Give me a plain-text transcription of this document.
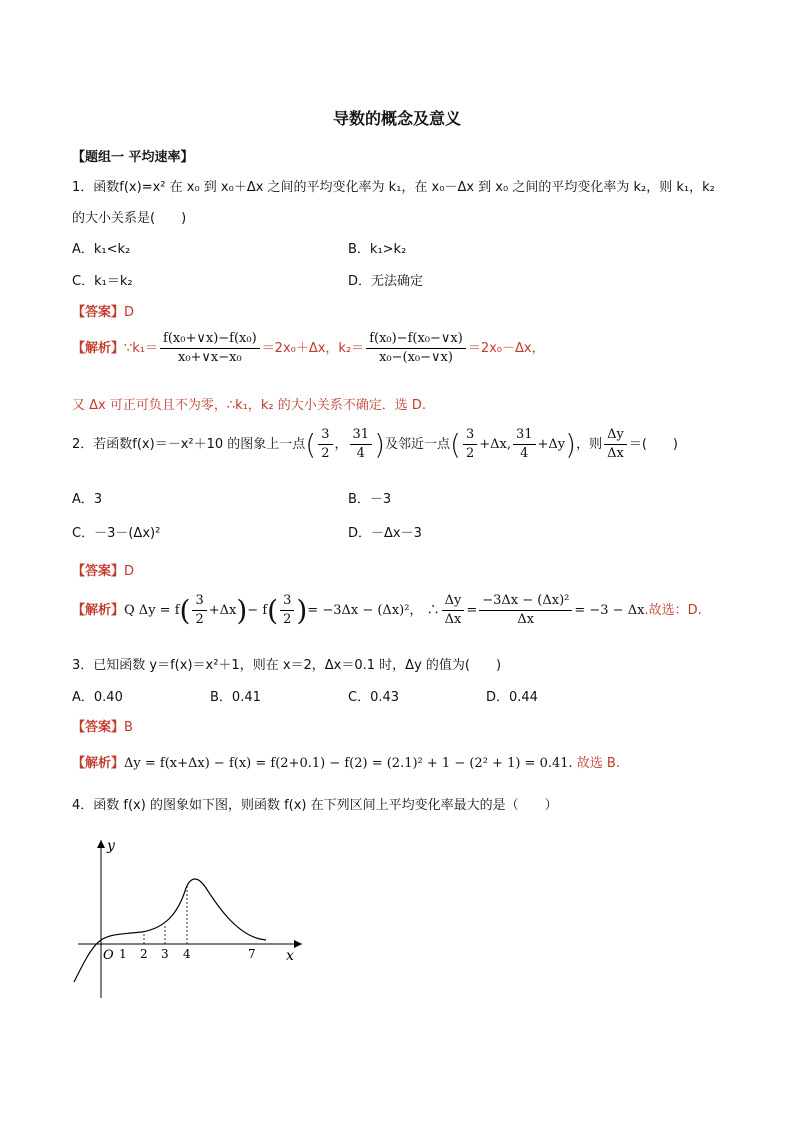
导数的概念及意义
【题组一 平均速率】
1．函数f(x)=x² 在 x₀ 到 x₀＋Δx 之间的平均变化率为 k₁，在 x₀－Δx 到 x₀ 之间的平均变化率为 k₂，则 k₁，k₂
的大小关系是(　　)
A．k₁<k₂	B．k₁>k₂
C．k₁＝k₂	D．无法确定
【答案】D
【解析】∵k₁＝ $\frac{\text{f(x₀+∨x)−f(x₀)}}{\text{x₀+∨x−x₀}} =2x_0+\Delta x$，$k_2= \frac{\text{f(x₀)−f(x₀−∨x)}}{\text{x₀−(x₀−∨x)}} =2x_0-\Delta x$，
又 Δx 可正可负且不为零，∴k₁，k₂ 的大小关系不确定．选 D.
2．若函数f(x)＝－x²＋10 的图象上一点( $\frac{3}{2}$ ， $\frac{31}{4}$ )及邻近一点( $\frac{3}{2} +\Delta x$, $\frac{31}{4} +\Delta y$)，则 $\frac{\Delta y}{\Delta x}$ ＝(　　)
A．3	B．－3
C．－3－(Δx)²	D．－Δx－3
【答案】D
【解析】Q $\Delta y = f( \frac{3}{2} +\Delta x)- f( \frac{3}{2}$ )= −3Δx − (Δx)²， ∴ $\frac{\Delta y}{\Delta x} = \frac{\text{−3Δx − (Δx)²}}{\Delta x} = -3 - \Delta x$.故选：D.
3．已知函数 y＝f(x)＝x²＋1，则在 x＝2，Δx＝0.1 时，Δy 的值为(　　)
A．0.40	B．0.41	C．0.43	D．0.44
【答案】B
【解析】Δy = f(x+Δx) − f(x) = f(2+0.1) − f(2) = (2.1)² + 1 − (2² + 1) = 0.41. 故选 B.
4．函数 f(x) 的图象如下图，则函数 f(x) 在下列区间上平均变化率最大的是（　　）
y
x
O 1 2 3 4	7
